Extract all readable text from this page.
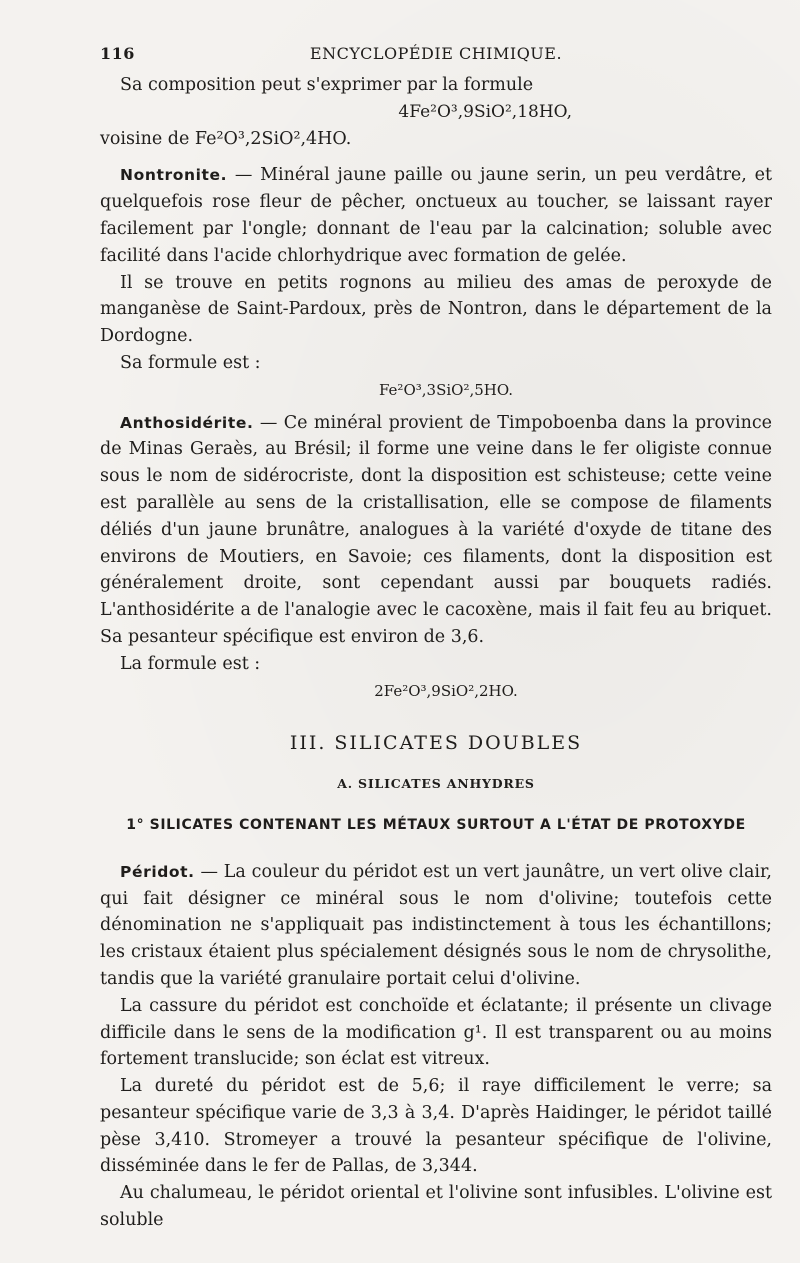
116	ENCYCLOPÉDIE CHIMIQUE.

Sa composition peut s'exprimer par la formule

4Fe²O³,9SiO²,18HO,

voisine de Fe²O³,2SiO²,4HO.

Nontronite. — Minéral jaune paille ou jaune serin, un peu verdâtre, et quelquefois rose fleur de pêcher, onctueux au toucher, se laissant rayer facilement par l'ongle; donnant de l'eau par la calcination; soluble avec facilité dans l'acide chlorhydrique avec formation de gelée.

Il se trouve en petits rognons au milieu des amas de peroxyde de manganèse de Saint-Pardoux, près de Nontron, dans le département de la Dordogne.

Sa formule est :

Fe²O³,3SiO²,5HO.

Anthosidérite. — Ce minéral provient de Timpoboenba dans la province de Minas Geraès, au Brésil; il forme une veine dans le fer oligiste connue sous le nom de sidérocriste, dont la disposition est schisteuse; cette veine est parallèle au sens de la cristallisation, elle se compose de filaments déliés d'un jaune brunâtre, analogues à la variété d'oxyde de titane des environs de Moutiers, en Savoie; ces filaments, dont la disposition est généralement droite, sont cependant aussi par bouquets radiés. L'anthosidérite a de l'analogie avec le cacoxène, mais il fait feu au briquet. Sa pesanteur spécifique est environ de 3,6.

La formule est :

2Fe²O³,9SiO²,2HO.

III. SILICATES DOUBLES
A. SILICATES ANHYDRES
1° SILICATES CONTENANT LES MÉTAUX SURTOUT A L'ÉTAT DE PROTOXYDE

Péridot. — La couleur du péridot est un vert jaunâtre, un vert olive clair, qui fait désigner ce minéral sous le nom d'olivine; toutefois cette dénomination ne s'appliquait pas indistinctement à tous les échantillons; les cristaux étaient plus spécialement désignés sous le nom de chrysolithe, tandis que la variété granulaire portait celui d'olivine.

La cassure du péridot est conchoïde et éclatante; il présente un clivage difficile dans le sens de la modification g¹. Il est transparent ou au moins fortement translucide; son éclat est vitreux.

La dureté du péridot est de 5,6; il raye difficilement le verre; sa pesanteur spécifique varie de 3,3 à 3,4. D'après Haidinger, le péridot taillé pèse 3,410. Stromeyer a trouvé la pesanteur spécifique de l'olivine, disséminée dans le fer de Pallas, de 3,344.

Au chalumeau, le péridot oriental et l'olivine sont infusibles. L'olivine est soluble
